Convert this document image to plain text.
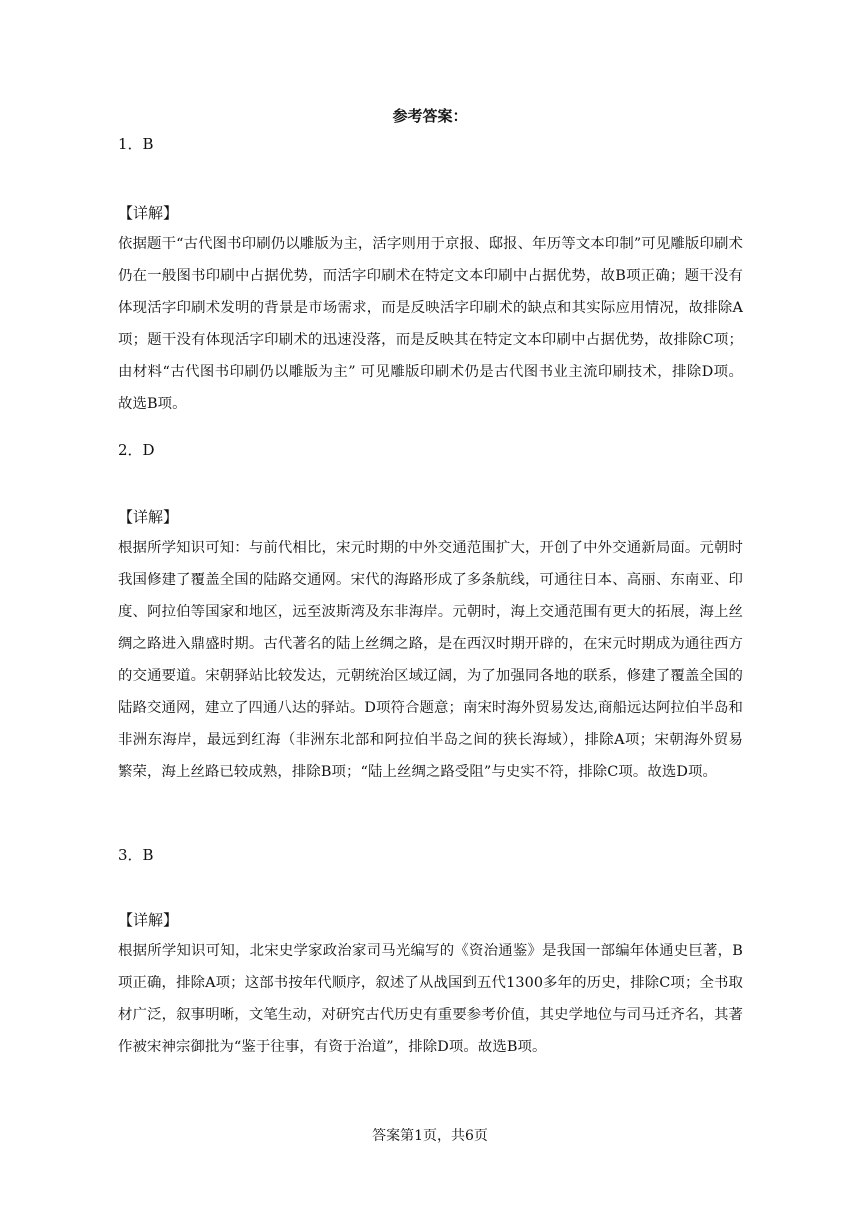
参考答案：
1．B
【详解】
依据题干“古代图书印刷仍以雕版为主，活字则用于京报、邸报、年历等文本印制”可见雕版印刷术仍在一般图书印刷中占据优势，而活字印刷术在特定文本印刷中占据优势，故B项正确；题干没有体现活字印刷术发明的背景是市场需求，而是反映活字印刷术的缺点和其实际应用情况，故排除A项；题干没有体现活字印刷术的迅速没落，而是反映其在特定文本印刷中占据优势，故排除C项；由材料“古代图书印刷仍以雕版为主” 可见雕版印刷术仍是古代图书业主流印刷技术，排除D项。故选B项。
2．D
【详解】
根据所学知识可知：与前代相比，宋元时期的中外交通范围扩大，开创了中外交通新局面。元朝时我国修建了覆盖全国的陆路交通网。宋代的海路形成了多条航线，可通往日本、高丽、东南亚、印度、阿拉伯等国家和地区，远至波斯湾及东非海岸。元朝时，海上交通范围有更大的拓展，海上丝绸之路进入鼎盛时期。古代著名的陆上丝绸之路，是在西汉时期开辟的，在宋元时期成为通往西方的交通要道。宋朝驿站比较发达，元朝统治区域辽阔，为了加强同各地的联系，修建了覆盖全国的陆路交通网，建立了四通八达的驿站。D项符合题意；南宋时海外贸易发达,商船远达阿拉伯半岛和非洲东海岸，最远到红海（非洲东北部和阿拉伯半岛之间的狭长海域），排除A项；宋朝海外贸易繁荣，海上丝路已较成熟，排除B项；“陆上丝绸之路受阻”与史实不符，排除C项。故选D项。
3．B
【详解】
根据所学知识可知，北宋史学家政治家司马光编写的《资治通鉴》是我国一部编年体通史巨著，B项正确，排除A项；这部书按年代顺序，叙述了从战国到五代1300多年的历史，排除C项；全书取材广泛，叙事明晰，文笔生动，对研究古代历史有重要参考价值，其史学地位与司马迁齐名，其著作被宋神宗御批为“鉴于往事，有资于治道”，排除D项。故选B项。
答案第1页，共6页
